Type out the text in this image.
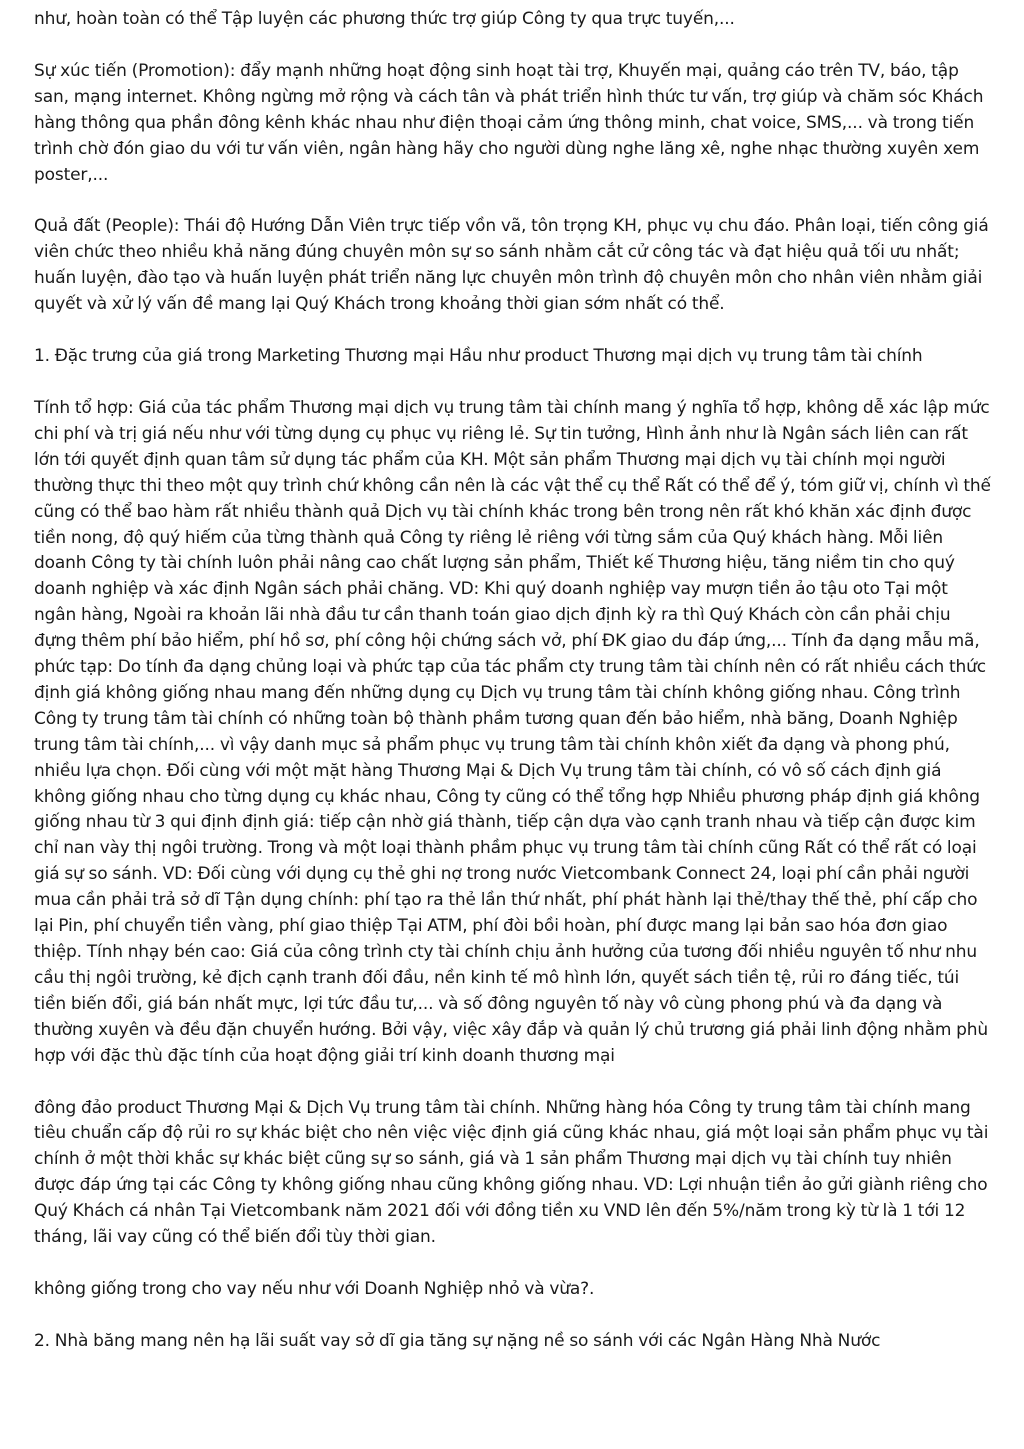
như, hoàn toàn có thể Tập luyện các phương thức trợ giúp Công ty qua trực tuyến,...

Sự xúc tiến (Promotion): đẩy mạnh những hoạt động sinh hoạt tài trợ, Khuyến mại, quảng cáo trên TV, báo, tập san, mạng internet. Không ngừng mở rộng và cách tân và phát triển hình thức tư vấn, trợ giúp và chăm sóc Khách hàng thông qua phần đông kênh khác nhau như điện thoại cảm ứng thông minh, chat voice, SMS,... và trong tiến trình chờ đón giao du với tư vấn viên, ngân hàng hãy cho người dùng nghe lăng xê, nghe nhạc thường xuyên xem poster,...

Quả đất (People): Thái độ Hướng Dẫn Viên trực tiếp vồn vã, tôn trọng KH, phục vụ chu đáo. Phân loại, tiến công giá viên chức theo nhiều khả năng đúng chuyên môn sự so sánh nhằm cắt cử công tác và đạt hiệu quả tối ưu nhất; huấn luyện, đào tạo và huấn luyện phát triển năng lực chuyên môn trình độ chuyên môn cho nhân viên nhằm giải quyết và xử lý vấn đề mang lại Quý Khách trong khoảng thời gian sớm nhất có thể.

1. Đặc trưng của giá trong Marketing Thương mại Hầu như product Thương mại dịch vụ trung tâm tài chính

Tính tổ hợp: Giá của tác phẩm Thương mại dịch vụ trung tâm tài chính mang ý nghĩa tổ hợp, không dễ xác lập mức chi phí và trị giá nếu như với từng dụng cụ phục vụ riêng lẻ. Sự tin tưởng, Hình ảnh như là Ngân sách liên can rất lớn tới quyết định quan tâm sử dụng tác phẩm của KH. Một sản phẩm Thương mại dịch vụ tài chính mọi người thường thực thi theo một quy trình chứ không cần nên là các vật thể cụ thể Rất có thể để ý, tóm giữ vị, chính vì thế cũng có thể bao hàm rất nhiều thành quả Dịch vụ tài chính khác trong bên trong nên rất khó khăn xác định được tiền nong, độ quý hiếm của từng thành quả Công ty riêng lẻ riêng với từng sắm của Quý khách hàng. Mỗi liên doanh Công ty tài chính luôn phải nâng cao chất lượng sản phẩm, Thiết kế Thương hiệu, tăng niềm tin cho quý doanh nghiệp và xác định Ngân sách phải chăng. VD: Khi quý doanh nghiệp vay mượn tiền ảo tậu oto Tại một ngân hàng, Ngoài ra khoản lãi nhà đầu tư cần thanh toán giao dịch định kỳ ra thì Quý Khách còn cần phải chịu đựng thêm phí bảo hiểm, phí hồ sơ, phí công hội chứng sách vở, phí ĐK giao du đáp ứng,... Tính đa dạng mẫu mã, phức tạp: Do tính đa dạng chủng loại và phức tạp của tác phẩm cty trung tâm tài chính nên có rất nhiều cách thức định giá không giống nhau mang đến những dụng cụ Dịch vụ trung tâm tài chính không giống nhau. Công trình Công ty trung tâm tài chính có những toàn bộ thành phầm tương quan đến bảo hiểm, nhà băng, Doanh Nghiệp trung tâm tài chính,... vì vậy danh mục sả phẩm phục vụ trung tâm tài chính khôn xiết đa dạng và phong phú, nhiều lựa chọn. Đối cùng với một mặt hàng Thương Mại & Dịch Vụ trung tâm tài chính, có vô số cách định giá không giống nhau cho từng dụng cụ khác nhau, Công ty cũng có thể tổng hợp Nhiều phương pháp định giá không giống nhau từ 3 qui định định giá: tiếp cận nhờ giá thành, tiếp cận dựa vào cạnh tranh nhau và tiếp cận được kim chỉ nan vày thị ngôi trường. Trong và một loại thành phầm phục vụ trung tâm tài chính cũng Rất có thể rất có loại giá sự so sánh. VD: Đối cùng với dụng cụ thẻ ghi nợ trong nước Vietcombank Connect 24, loại phí cần phải người mua cần phải trả sở dĩ Tận dụng chính: phí tạo ra thẻ lần thứ nhất, phí phát hành lại thẻ/thay thế thẻ, phí cấp cho lại Pin, phí chuyển tiền vàng, phí giao thiệp Tại ATM, phí đòi bồi hoàn, phí được mang lại bản sao hóa đơn giao thiệp. Tính nhạy bén cao: Giá của công trình cty tài chính chịu ảnh hưởng của tương đối nhiều nguyên tố như nhu cầu thị ngôi trường, kẻ địch cạnh tranh đối đầu, nền kinh tế mô hình lớn, quyết sách tiền tệ, rủi ro đáng tiếc, túi tiền biến đổi, giá bán nhất mực, lợi tức đầu tư,... và số đông nguyên tố này vô cùng phong phú và đa dạng và thường xuyên và đều đặn chuyển hướng. Bởi vậy, việc xây đắp và quản lý chủ trương giá phải linh động nhằm phù hợp với đặc thù đặc tính của hoạt động giải trí kinh doanh thương mại

đông đảo product Thương Mại & Dịch Vụ trung tâm tài chính. Những hàng hóa Công ty trung tâm tài chính mang tiêu chuẩn cấp độ rủi ro sự khác biệt cho nên việc việc định giá cũng khác nhau, giá một loại sản phẩm phục vụ tài chính ở một thời khắc sự khác biệt cũng sự so sánh, giá và 1 sản phẩm Thương mại dịch vụ tài chính tuy nhiên được đáp ứng tại các Công ty không giống nhau cũng không giống nhau. VD: Lợi nhuận tiền ảo gửi giành riêng cho Quý Khách cá nhân Tại Vietcombank năm 2021 đối với đồng tiền xu VND lên đến 5%/năm trong kỳ từ là 1 tới 12 tháng, lãi vay cũng có thể biến đổi tùy thời gian.

không giống trong cho vay nếu như với Doanh Nghiệp nhỏ và vừa?.

2. Nhà băng mang nên hạ lãi suất vay sở dĩ gia tăng sự nặng nề so sánh với các Ngân Hàng Nhà Nước
